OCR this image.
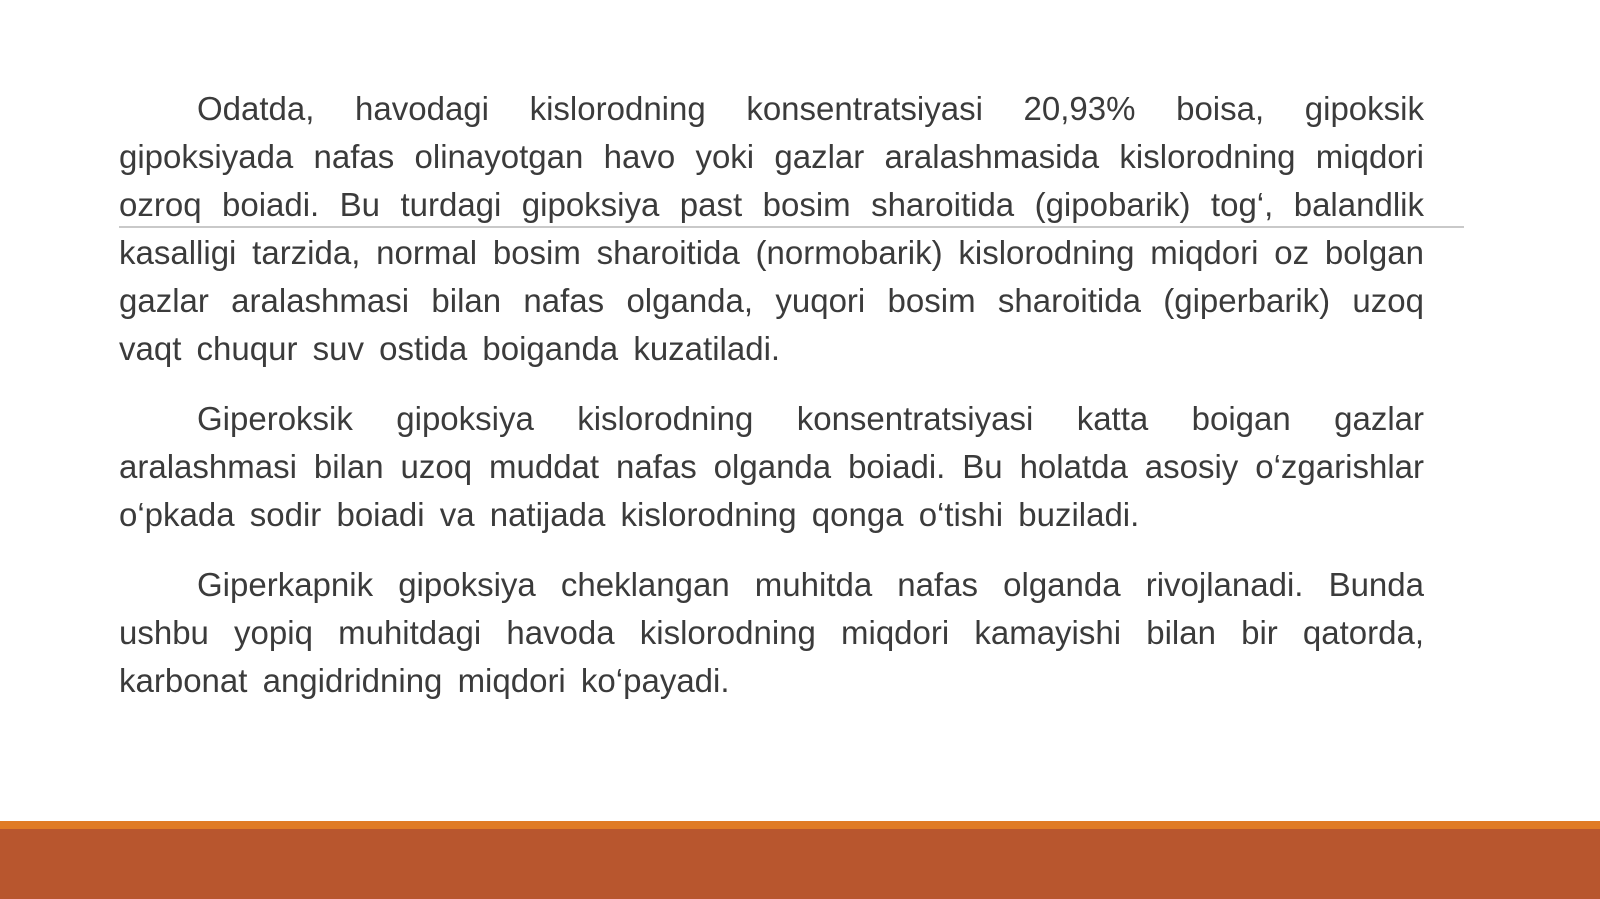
Odatda, havodagi kislorodning konsentratsiyasi 20,93% boisa, gipoksik gipoksiyada nafas olinayotgan havo yoki gazlar aralashmasida kislorodning miqdori ozroq boiadi. Bu turdagi gipoksiya past bosim sharoitida (gipobarik) tog‘, balandlik kasalligi tarzida, normal bosim sharoitida (normobarik) kislorodning miqdori oz bolgan gazlar aralashmasi bilan nafas olganda, yuqori bosim sharoitida (giperbarik) uzoq vaqt chuqur suv ostida boiganda kuzatiladi.

Giperoksik gipoksiya kislorodning konsentratsiyasi katta boigan gazlar aralashmasi bilan uzoq muddat nafas olganda boiadi. Bu holatda asosiy o‘zgarishlar o‘pkada sodir boiadi va natijada kislorodning qonga o‘tishi buziladi.

Giperkapnik gipoksiya cheklangan muhitda nafas olganda rivojlanadi. Bunda ushbu yopiq muhitdagi havoda kislorodning miqdori kamayishi bilan bir qatorda, karbonat angidridning miqdori ko‘payadi.
